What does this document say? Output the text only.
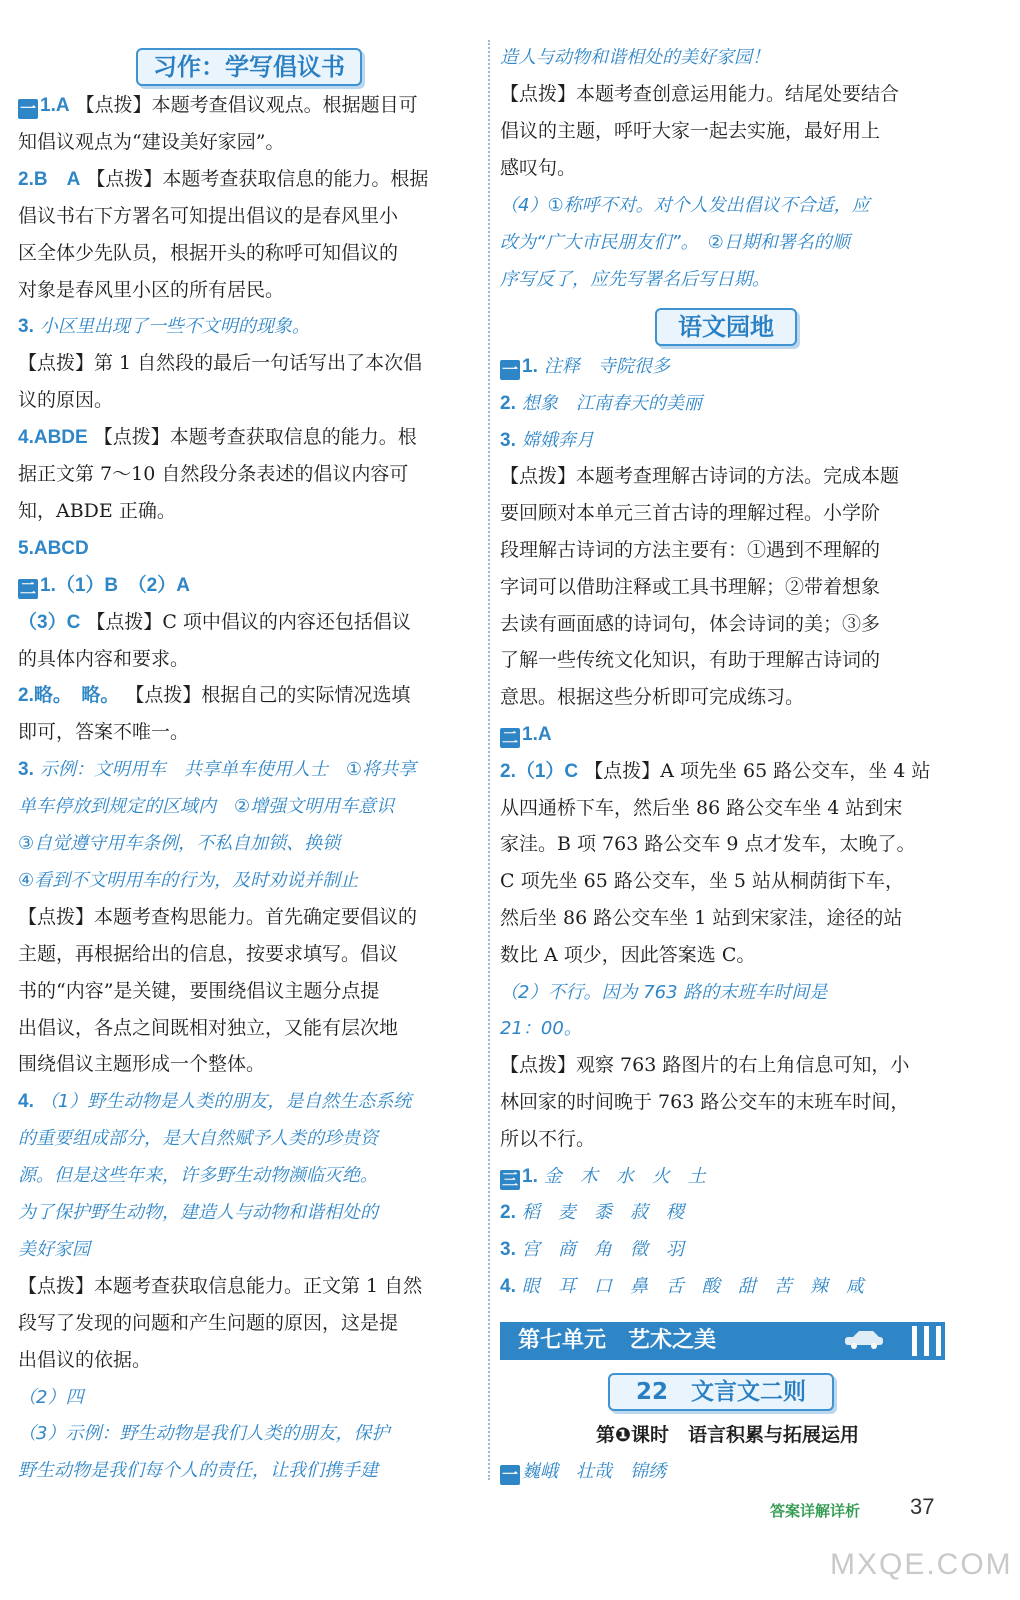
习作：学写倡议书
一 1.A 【点拨】本题考查倡议观点。根据题目可
知倡议观点为“建设美好家园”。
2.B　A 【点拨】本题考查获取信息的能力。根据
倡议书右下方署名可知提出倡议的是春风里小
区全体少先队员，根据开头的称呼可知倡议的
对象是春风里小区的所有居民。
3. 小区里出现了一些不文明的现象。
【点拨】第 1 自然段的最后一句话写出了本次倡
议的原因。
4.ABDE 【点拨】本题考查获取信息的能力。根
据正文第 7～10 自然段分条表述的倡议内容可
知，ABDE 正确。
5.ABCD
二 1.（1）B　（2）A
（3）C 【点拨】C 项中倡议的内容还包括倡议
的具体内容和要求。
2.略。　略。 【点拨】根据自己的实际情况选填
即可，答案不唯一。
3. 示例：文明用车　共享单车使用人士　①将共享
单车停放到规定的区域内　②增强文明用车意识
③自觉遵守用车条例，不私自加锁、换锁
④看到不文明用车的行为，及时劝说并制止
【点拨】本题考查构思能力。首先确定要倡议的
主题，再根据给出的信息，按要求填写。倡议
书的“内容”是关键，要围绕倡议主题分点提
出倡议，各点之间既相对独立，又能有层次地
围绕倡议主题形成一个整体。
4. （1）野生动物是人类的朋友，是自然生态系统
的重要组成部分，是大自然赋予人类的珍贵资
源。但是这些年来，许多野生动物濒临灭绝。
为了保护野生动物，建造人与动物和谐相处的
美好家园
【点拨】本题考查获取信息能力。正文第 1 自然
段写了发现的问题和产生问题的原因，这是提
出倡议的依据。
（2）四
（3）示例：野生动物是我们人类的朋友，保护
野生动物是我们每个人的责任，让我们携手建
造人与动物和谐相处的美好家园！
【点拨】本题考查创意运用能力。结尾处要结合
倡议的主题，呼吁大家一起去实施，最好用上
感叹句。
（4）①称呼不对。对个人发出倡议不合适，应
改为“广大市民朋友们”。　②日期和署名的顺
序写反了，应先写署名后写日期。
语文园地
一 1. 注释　寺院很多
2. 想象　江南春天的美丽
3. 嫦娥奔月
【点拨】本题考查理解古诗词的方法。完成本题
要回顾对本单元三首古诗的理解过程。小学阶
段理解古诗词的方法主要有：①遇到不理解的
字词可以借助注释或工具书理解；②带着想象
去读有画面感的诗词句，体会诗词的美；③多
了解一些传统文化知识，有助于理解古诗词的
意思。根据这些分析即可完成练习。
二 1.A
2.（1）C 【点拨】A 项先坐 65 路公交车，坐 4 站
从四通桥下车，然后坐 86 路公交车坐 4 站到宋
家洼。B 项 763 路公交车 9 点才发车，太晚了。
C 项先坐 65 路公交车，坐 5 站从桐荫街下车，
然后坐 86 路公交车坐 1 站到宋家洼，途径的站
数比 A 项少，因此答案选 C。
（2）不行。因为 763 路的末班车时间是
21：00。
【点拨】观察 763 路图片的右上角信息可知，小
林回家的时间晚于 763 路公交车的末班车时间，
所以不行。
三 1. 金　木　水　火　土
2. 稻　麦　黍　菽　稷
3. 宫　商　角　徵　羽
4. 眼　耳　口　鼻　舌　酸　甜　苦　辣　咸
第七单元　艺术之美
22　文言文二则
第❶课时　语言积累与拓展运用
一 巍峨　壮哉　锦绣
答案详解详析 37
MXQE.COM
